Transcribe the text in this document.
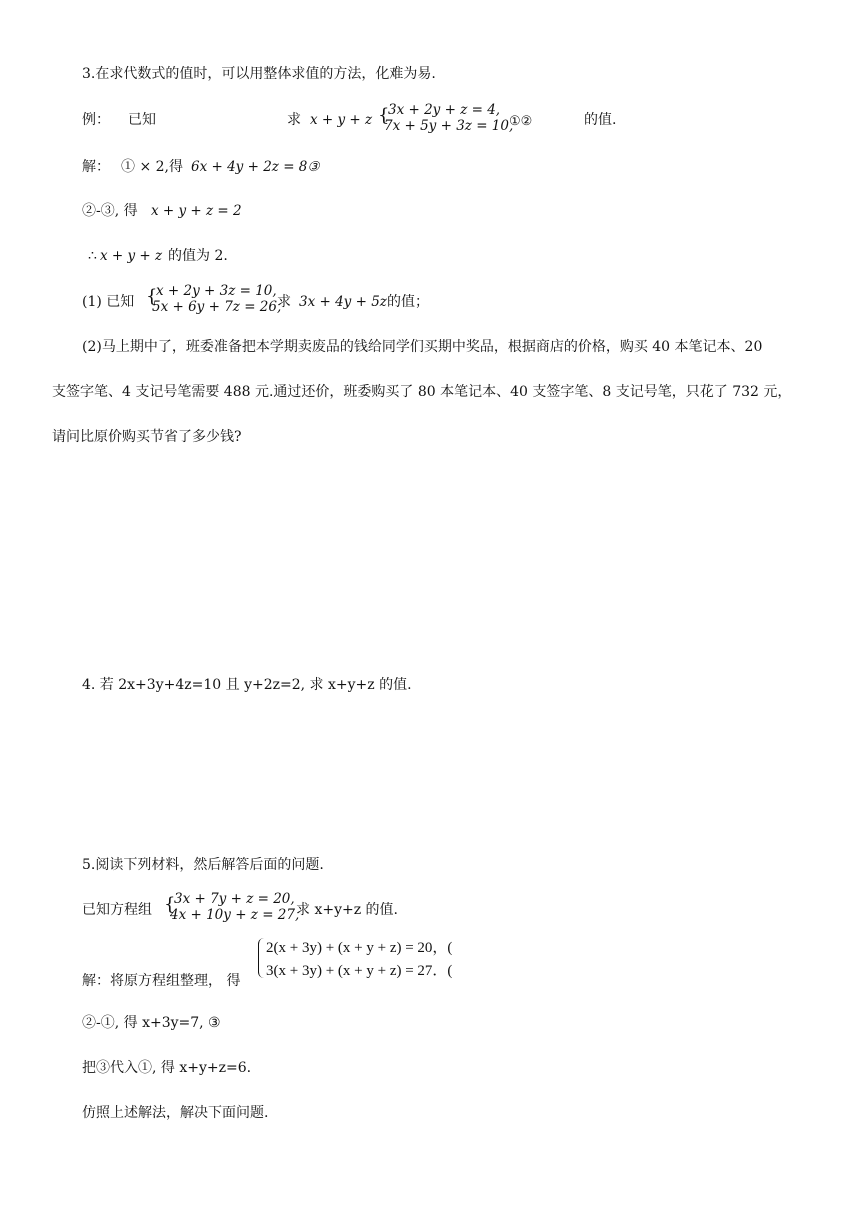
3.在求代数式的值时，可以用整体求值的方法，化难为易.
例： 已知	求 x + y + z {
3x + 2y + z = 4,
7x + 5y + 3z = 10,
①②	的值.
解： ① × 2,得 6x + 4y + 2z = 8③
②-③, 得 x + y + z = 2
∴ x + y + z 的值为 2.
(1) 已知 {
x + 2y + 3z = 10,
5x + 6y + 7z = 26,
求 3x + 4y + 5z 的值；
(2)马上期中了，班委准备把本学期卖废品的钱给同学们买期中奖品，根据商店的价格，购买 40 本笔记本、20
支签字笔、4 支记号笔需要 488 元.通过还价，班委购买了 80 本笔记本、40 支签字笔、8 支记号笔，只花了 732 元，
请问比原价购买节省了多少钱?
4. 若 2x+3y+4z=10 且 y+2z=2, 求 x+y+z 的值.
5.阅读下列材料，然后解答后面的问题.
已知方程组 {
3x + 7y + z = 20,
4x + 10y + z = 27,
求 x+y+z 的值.
解：将原方程组整理， 得
2(x + 3y) + (x + y + z) = 20，(
3(x + 3y) + (x + y + z) = 27．(
②-①, 得 x+3y=7, ③
把③代入①, 得 x+y+z=6.
仿照上述解法，解决下面问题.
